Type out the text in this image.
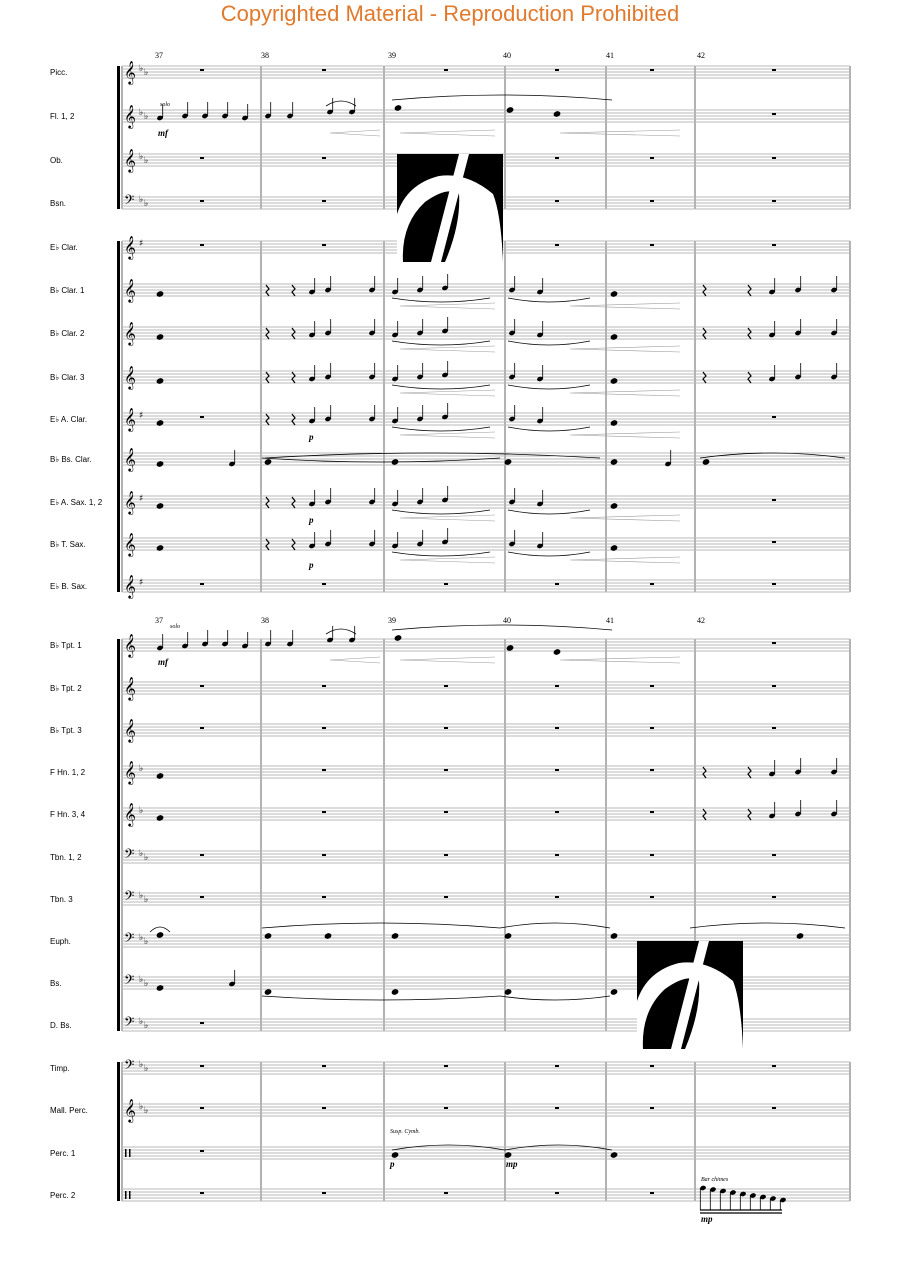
Copyrighted Material - Reproduction Prohibited
𝄞 ♭ ♭
𝄞 ♭ ♭
𝄞 ♭ ♭
𝄢 ♭ ♭
𝄞 ♯
𝄞
𝄞
𝄞
𝄞 ♯
𝄞
𝄞 ♯
𝄞
𝄞 ♯
𝄞
𝄞
𝄞
𝄞 ♭
𝄞 ♭
𝄢 ♭ ♭
𝄢 ♭ ♭
𝄢 ♭ ♭
𝄢 ♭ ♭
𝄢 ♭ ♭
𝄢 ♭ ♭
𝄞 ♭ ♭
Picc.
Fl. 1, 2
Ob.
Bsn.
E♭ Clar.
B♭ Clar. 1
B♭ Clar. 2
B♭ Clar. 3
E♭ A. Clar.
B♭ Bs. Clar.
E♭ A. Sax. 1, 2
B♭ T. Sax.
E♭ B. Sax.
B♭ Tpt. 1
B♭ Tpt. 2
B♭ Tpt. 3
F Hn. 1, 2
F Hn. 3, 4
Tbn. 1, 2
Tbn. 3
Euph.
Bs.
D. Bs.
Timp.
Mall. Perc.
Perc. 1
Perc. 2
37	38	39	40	41	42
37	38	39	40	41	42
solo
mf
solo
mf
p
p
p
Susp. Cymb.
p	mp
Bar chimes
mp
